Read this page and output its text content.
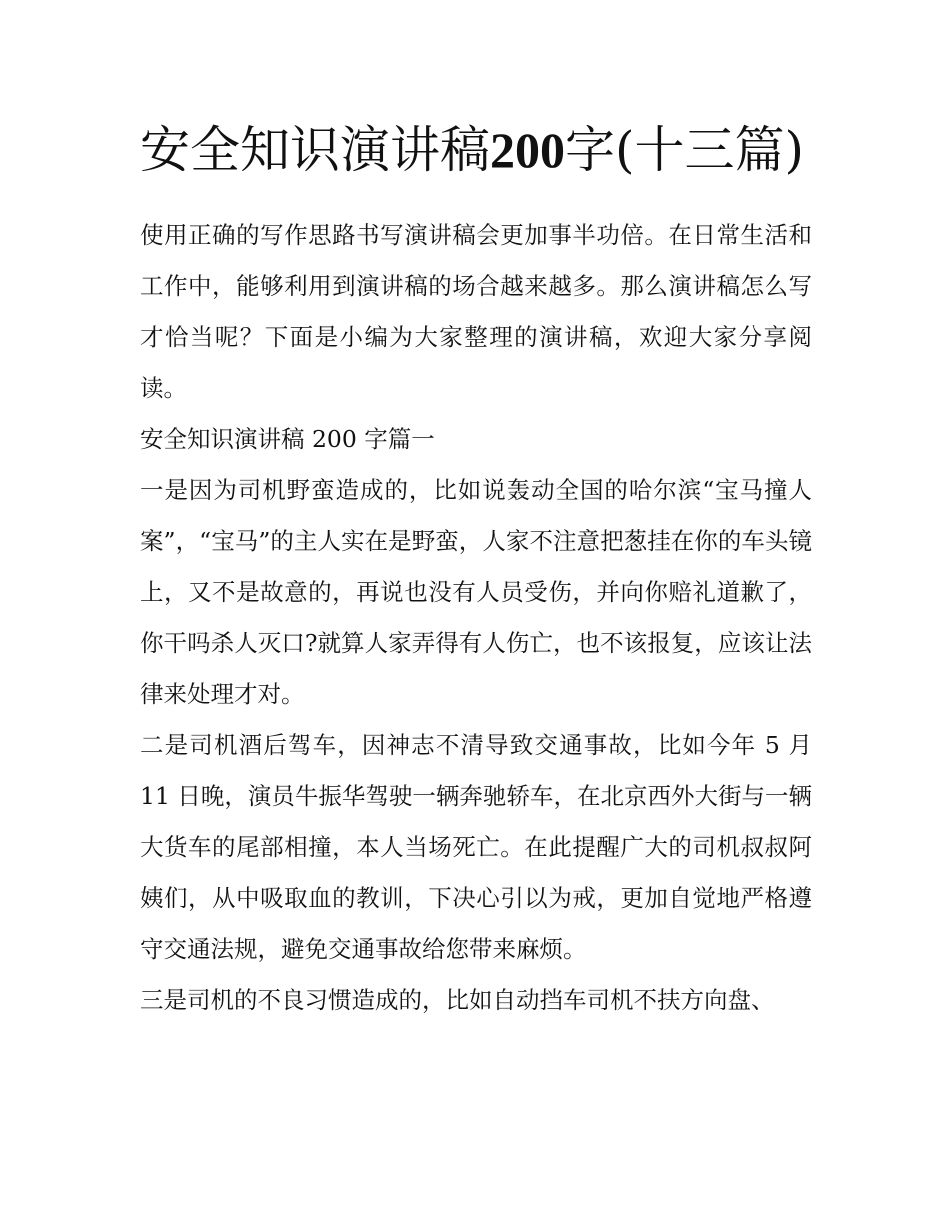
安全知识演讲稿200字(十三篇)

使用正确的写作思路书写演讲稿会更加事半功倍。在日常生活和工作中，能够利用到演讲稿的场合越来越多。那么演讲稿怎么写才恰当呢？下面是小编为大家整理的演讲稿，欢迎大家分享阅读。

安全知识演讲稿 200 字篇一

一是因为司机野蛮造成的，比如说轰动全国的哈尔滨“宝马撞人案”，“宝马”的主人实在是野蛮，人家不注意把葱挂在你的车头镜上，又不是故意的，再说也没有人员受伤，并向你赔礼道歉了，你干吗杀人灭口?就算人家弄得有人伤亡，也不该报复，应该让法律来处理才对。

二是司机酒后驾车，因神志不清导致交通事故，比如今年 5 月 11 日晚，演员牛振华驾驶一辆奔驰轿车，在北京西外大街与一辆大货车的尾部相撞，本人当场死亡。在此提醒广大的司机叔叔阿姨们，从中吸取血的教训，下决心引以为戒，更加自觉地严格遵守交通法规，避免交通事故给您带来麻烦。

三是司机的不良习惯造成的，比如自动挡车司机不扶方向盘、
